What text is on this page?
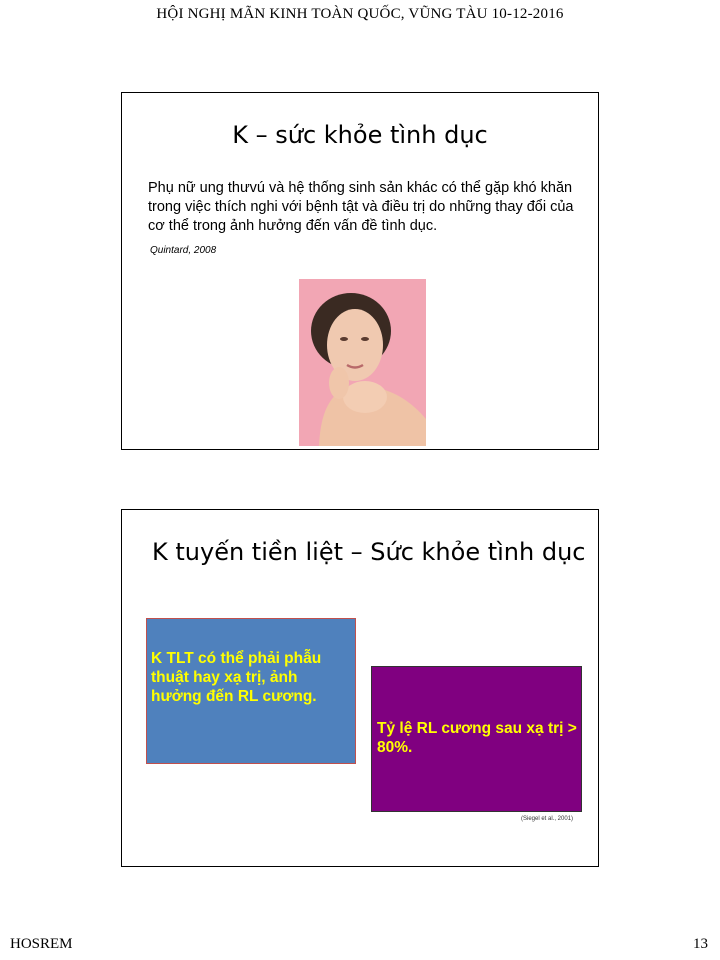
HỘI NGHỊ MÃN KINH TOÀN QUỐC, VŨNG TÀU 10-12-2016
K – sức khỏe tình dục
Phụ nữ ung thưvú và hệ thống sinh sản khác có thể gặp khó khăn trong việc thích nghi với bệnh tật và điều trị do những thay đổi của cơ thể trong ảnh hưởng đến vấn đề tình dục.
Quintard, 2008
K tuyến tiền liệt – Sức khỏe tình dục
K TLT có thể phải phẫu thuật hay xạ trị, ảnh hưởng đến RL cương.
Tỷ lệ RL cương sau xạ trị > 80%.
(Siegel et al., 2001)
HOSREM	13
